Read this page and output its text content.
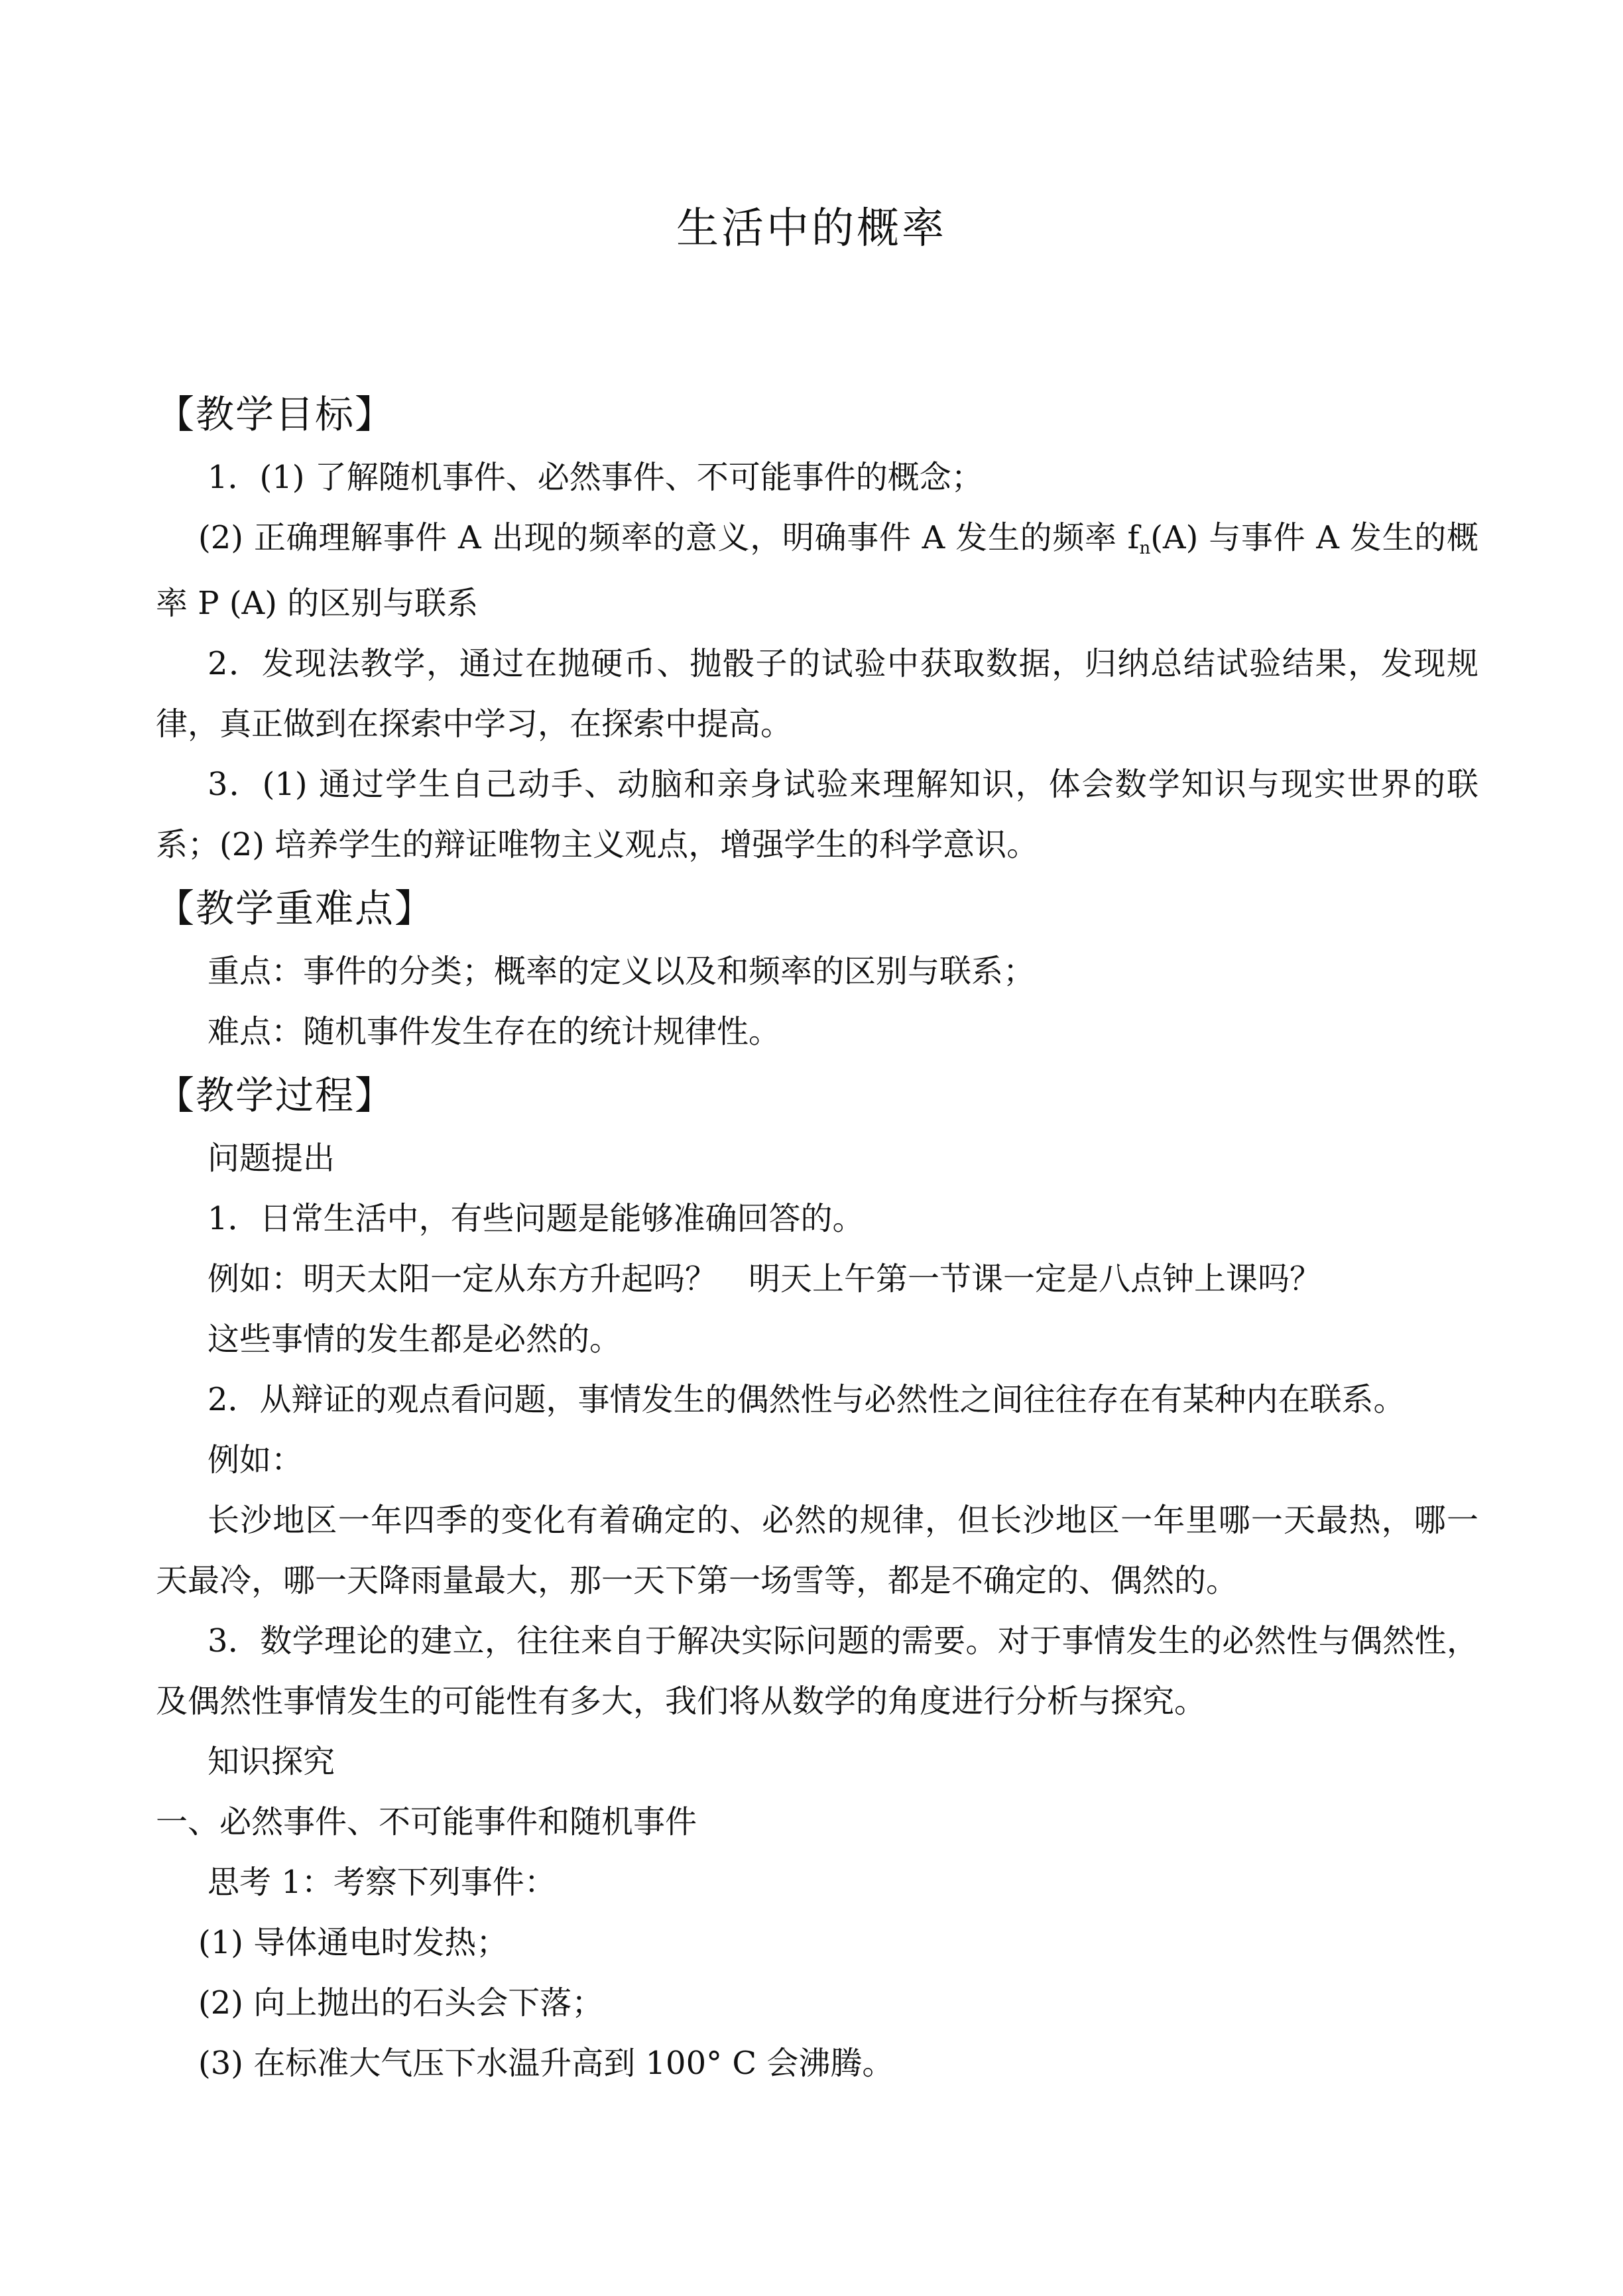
生活中的概率
【教学目标】

1．(1) 了解随机事件、必然事件、不可能事件的概念；

(2) 正确理解事件 A 出现的频率的意义，明确事件 A 发生的频率 fn(A) 与事件 A 发生的概率 P (A) 的区别与联系

2．发现法教学，通过在抛硬币、抛骰子的试验中获取数据，归纳总结试验结果，发现规律，真正做到在探索中学习，在探索中提高。

3．(1) 通过学生自己动手、动脑和亲身试验来理解知识，体会数学知识与现实世界的联系；(2) 培养学生的辩证唯物主义观点，增强学生的科学意识。

【教学重难点】

重点：事件的分类；概率的定义以及和频率的区别与联系；

难点：随机事件发生存在的统计规律性。

【教学过程】

问题提出

1．日常生活中，有些问题是能够准确回答的。

例如：明天太阳一定从东方升起吗？　明天上午第一节课一定是八点钟上课吗？

这些事情的发生都是必然的。

2．从辩证的观点看问题，事情发生的偶然性与必然性之间往往存在有某种内在联系。

例如：

长沙地区一年四季的变化有着确定的、必然的规律，但长沙地区一年里哪一天最热，哪一天最冷，哪一天降雨量最大，那一天下第一场雪等，都是不确定的、偶然的。

3．数学理论的建立，往往来自于解决实际问题的需要。对于事情发生的必然性与偶然性，及偶然性事情发生的可能性有多大，我们将从数学的角度进行分析与探究。

知识探究

一、必然事件、不可能事件和随机事件

思考 1：考察下列事件：

(1) 导体通电时发热；

(2) 向上抛出的石头会下落；

(3) 在标准大气压下水温升高到 100° C 会沸腾。
